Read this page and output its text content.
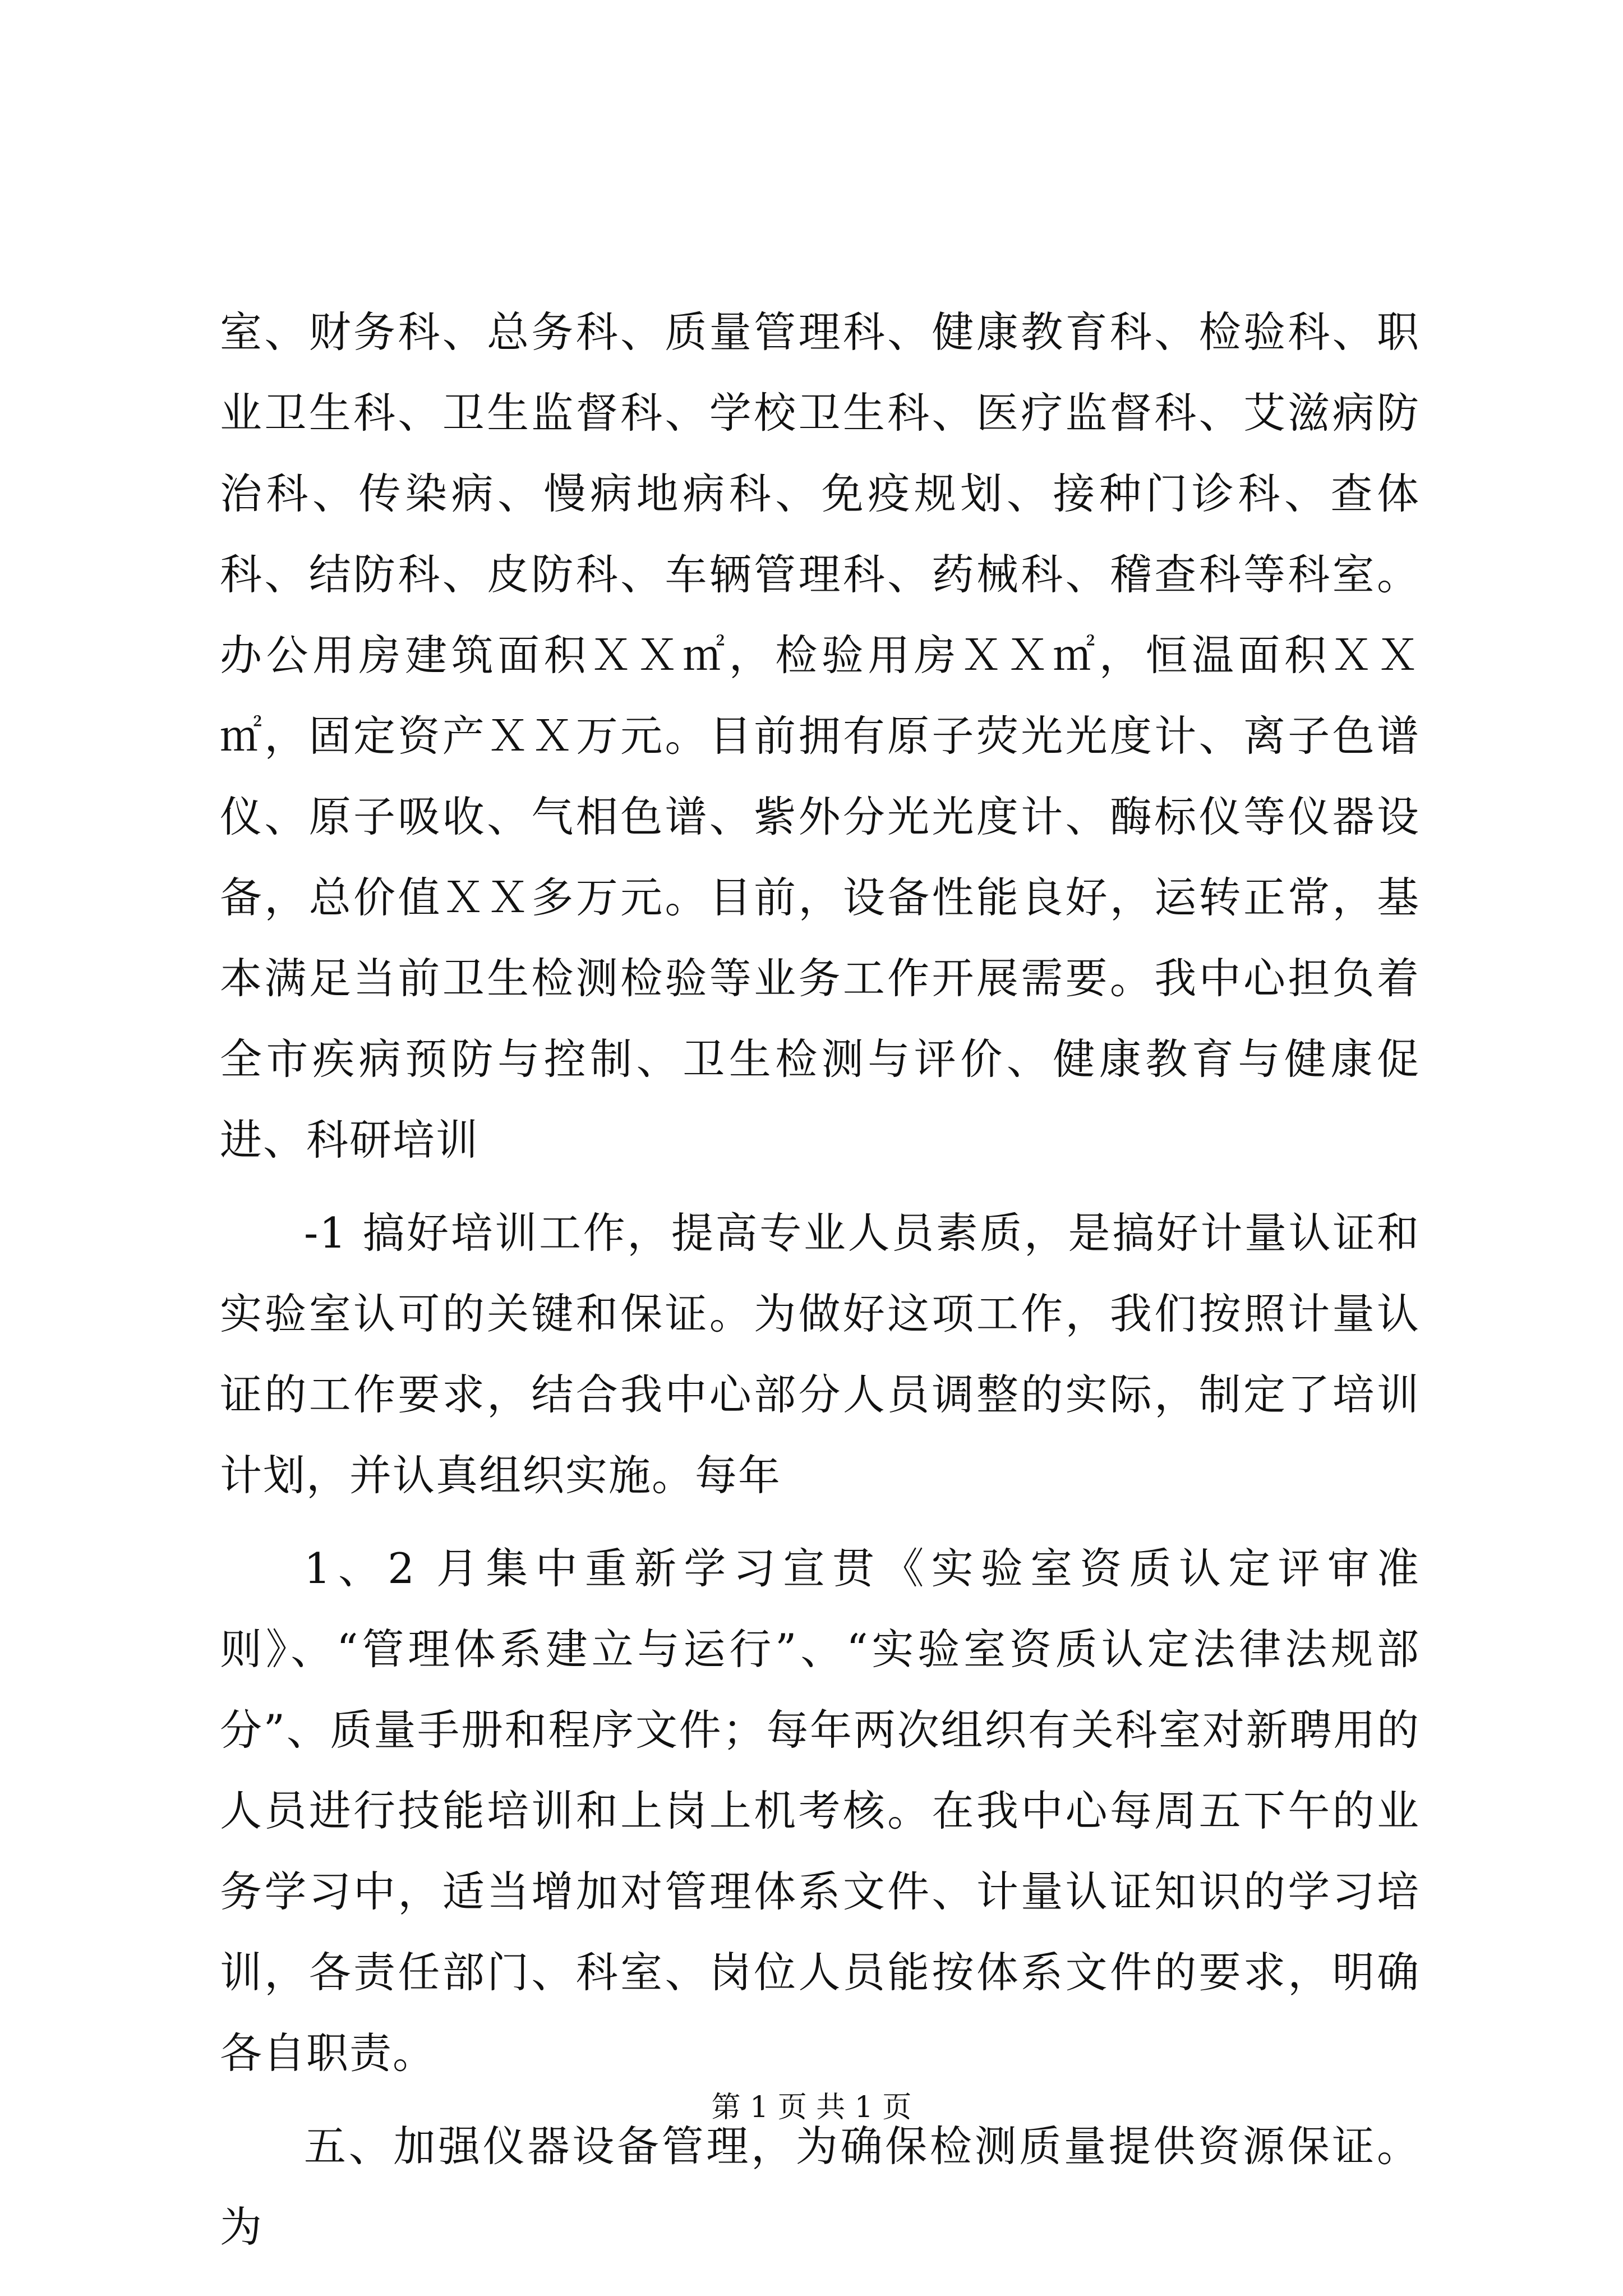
室、财务科、总务科、质量管理科、健康教育科、检验科、职业卫生科、卫生监督科、学校卫生科、医疗监督科、艾滋病防治科、传染病、慢病地病科、免疫规划、接种门诊科、查体科、结防科、皮防科、车辆管理科、药械科、稽查科等科室。办公用房建筑面积ＸＸ㎡，检验用房ＸＸ㎡，恒温面积ＸＸ㎡，固定资产ＸＸ万元。目前拥有原子荧光光度计、离子色谱仪、原子吸收、气相色谱、紫外分光光度计、酶标仪等仪器设备，总价值ＸＸ多万元。目前，设备性能良好，运转正常，基本满足当前卫生检测检验等业务工作开展需要。我中心担负着全市疾病预防与控制、卫生检测与评价、健康教育与健康促进、科研培训

-1 搞好培训工作，提高专业人员素质，是搞好计量认证和实验室认可的关键和保证。为做好这项工作，我们按照计量认证的工作要求，结合我中心部分人员调整的实际，制定了培训计划，并认真组织实施。每年

1、2 月集中重新学习宣贯《实验室资质认定评审准则》、“管理体系建立与运行”、“实验室资质认定法律法规部分”、质量手册和程序文件；每年两次组织有关科室对新聘用的人员进行技能培训和上岗上机考核。在我中心每周五下午的业务学习中，适当增加对管理体系文件、计量认证知识的学习培训，各责任部门、科室、岗位人员能按体系文件的要求，明确各自职责。

五、加强仪器设备管理，为确保检测质量提供资源保证。为

第 1 页 共 1 页
